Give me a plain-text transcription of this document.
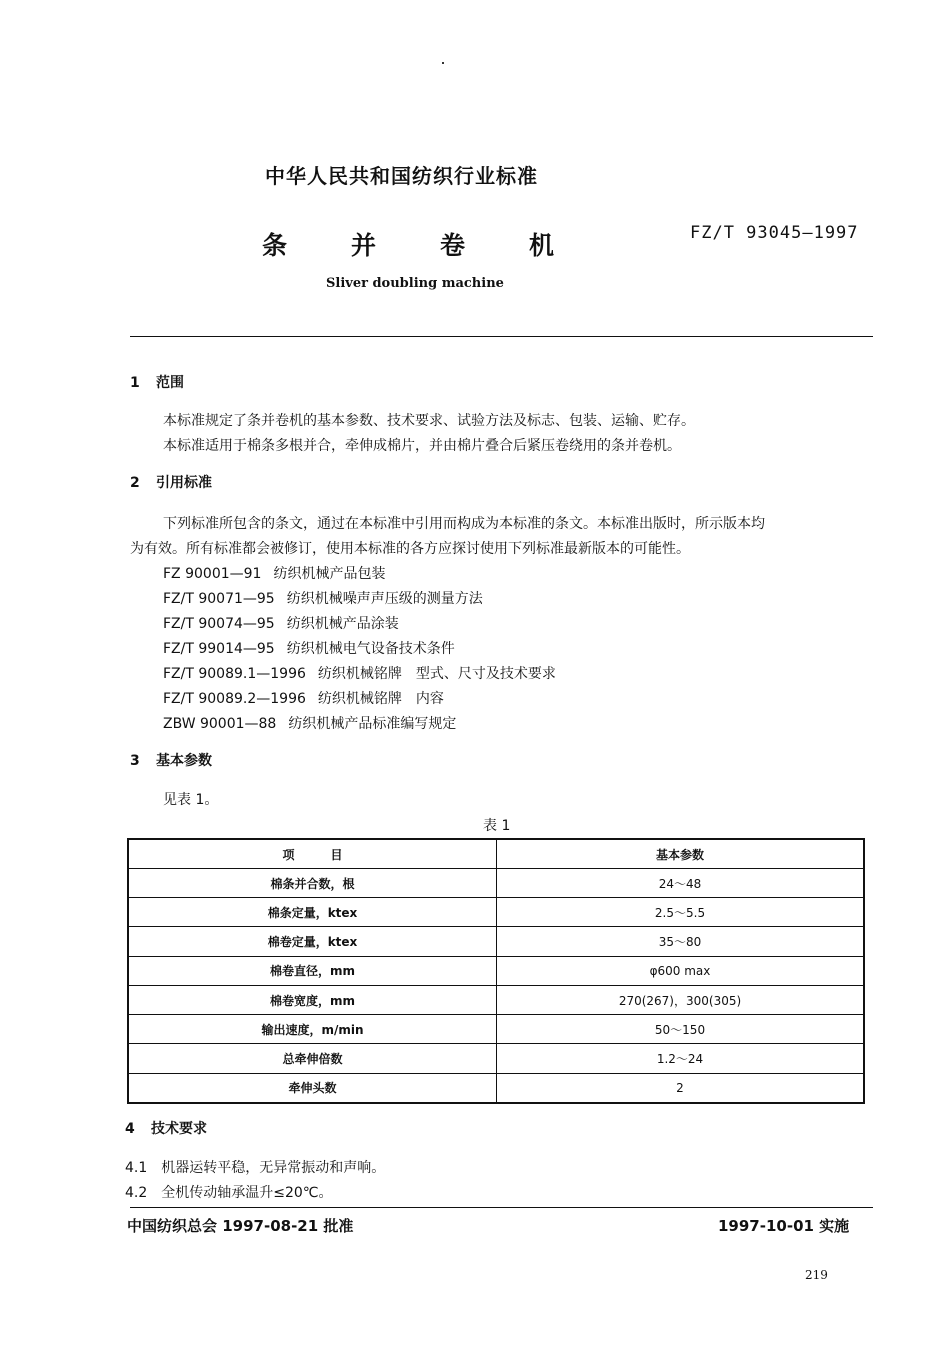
中华人民共和国纺织行业标准
条并卷机	FZ/T 93045—1997
Sliver doubling machine
1 范围
本标准规定了条并卷机的基本参数、技术要求、试验方法及标志、包装、运输、贮存。
本标准适用于棉条多根并合，牵伸成棉片，并由棉片叠合后紧压卷绕用的条并卷机。
2 引用标准
下列标准所包含的条文，通过在本标准中引用而构成为本标准的条文。本标准出版时，所示版本均
为有效。所有标准都会被修订，使用本标准的各方应探讨使用下列标准最新版本的可能性。
FZ 90001—91 纺织机械产品包装
FZ/T 90071—95 纺织机械噪声声压级的测量方法
FZ/T 90074—95 纺织机械产品涂装
FZ/T 99014—95 纺织机械电气设备技术条件
FZ/T 90089.1—1996 纺织机械铭牌　型式、尺寸及技术要求
FZ/T 90089.2—1996 纺织机械铭牌　内容
ZBW 90001—88 纺织机械产品标准编写规定
3 基本参数
见表 1。
表 1
项　　　目	基本参数
棉条并合数，根	24～48
棉条定量，ktex	2.5～5.5
棉卷定量，ktex	35～80
棉卷直径，mm	φ600 max
棉卷宽度，mm	270(267)，300(305)
输出速度，m/min	50～150
总牵伸倍数	1.2～24
牵伸头数	2
4 技术要求
4.1 机器运转平稳，无异常振动和声响。
4.2 全机传动轴承温升≤20℃。
中国纺织总会 1997-08-21 批准	1997-10-01 实施
219
